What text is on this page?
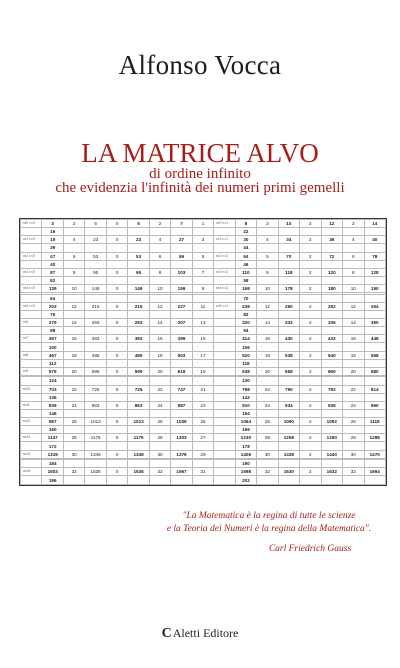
Alfonso Vocca
LA MATRICE ALVO
di ordine infinito
che evidenzia l'infinità dei numeri primi gemelli
m0 c=0	3	2	5	0	5	2	7	1	m0 c=1	8	3	10	2	12	2	14
	16									22						
m1 c=0	19	4	23	0	23	4	27	3	m1 c=1	30	4	34	2	36	4	40
	39									44						
m2 c=0	47	6	53	0	53	6	59	5	m2 c=1	64	5	70	2	72	6	78
	40									46						
m3 c=0	87	8	95	0	95	8	103	7	m3 c=1	110	9	118	2	120	8	128
	52									58						
m4 c=0	139	10	149	0	149	10	159	9	m4 c=1	168	10	178	2	180	10	190

	64									70						
m5 c=0	203	12	215	0	215	12	227	11	m5 c=1	238	12	250	2	252	12	264
	76									82						
m6	279	14	293	0	293	14	307	13		320	14	334	2	336	14	350
	88									94						
m7	367	16	383	0	383	16	399	15		414	16	430	2	432	16	448
	100									106						
m8	467	18	485	0	485	18	503	17		520	18	538	2	540	18	558
	112									118						
m9	579	20	599	0	599	20	619	19		638	20	658	2	660	20	680

	124									130						
m10	703	22	725	0	725	22	747	21		768	22	790	2	792	22	814
	136									142						
m11	839	24	863	0	863	24	887	23		910	24	934	2	936	24	960
	148									154						
m12	987	26	1013	0	1013	26	1039	25		1064	26	1090	2	1092	26	1118
	160									166						
m13	1147	28	1175	0	1175	28	1203	27		1230	28	1258	2	1260	28	1288
	172									178						
m14	1319	30	1349	0	1349	30	1379	29		1408	30	1438	2	1440	30	1470

	184									190						
m15	1503	32	1535	0	1535	32	1567	31		1598	32	1630	2	1632	32	1664
	196									202						
"La Matematica è la regina di tutte le scienze
e la Teoria dei Numeri è la regina della Matematica".
Carl Friedrich Gauss
CAletti Editore
